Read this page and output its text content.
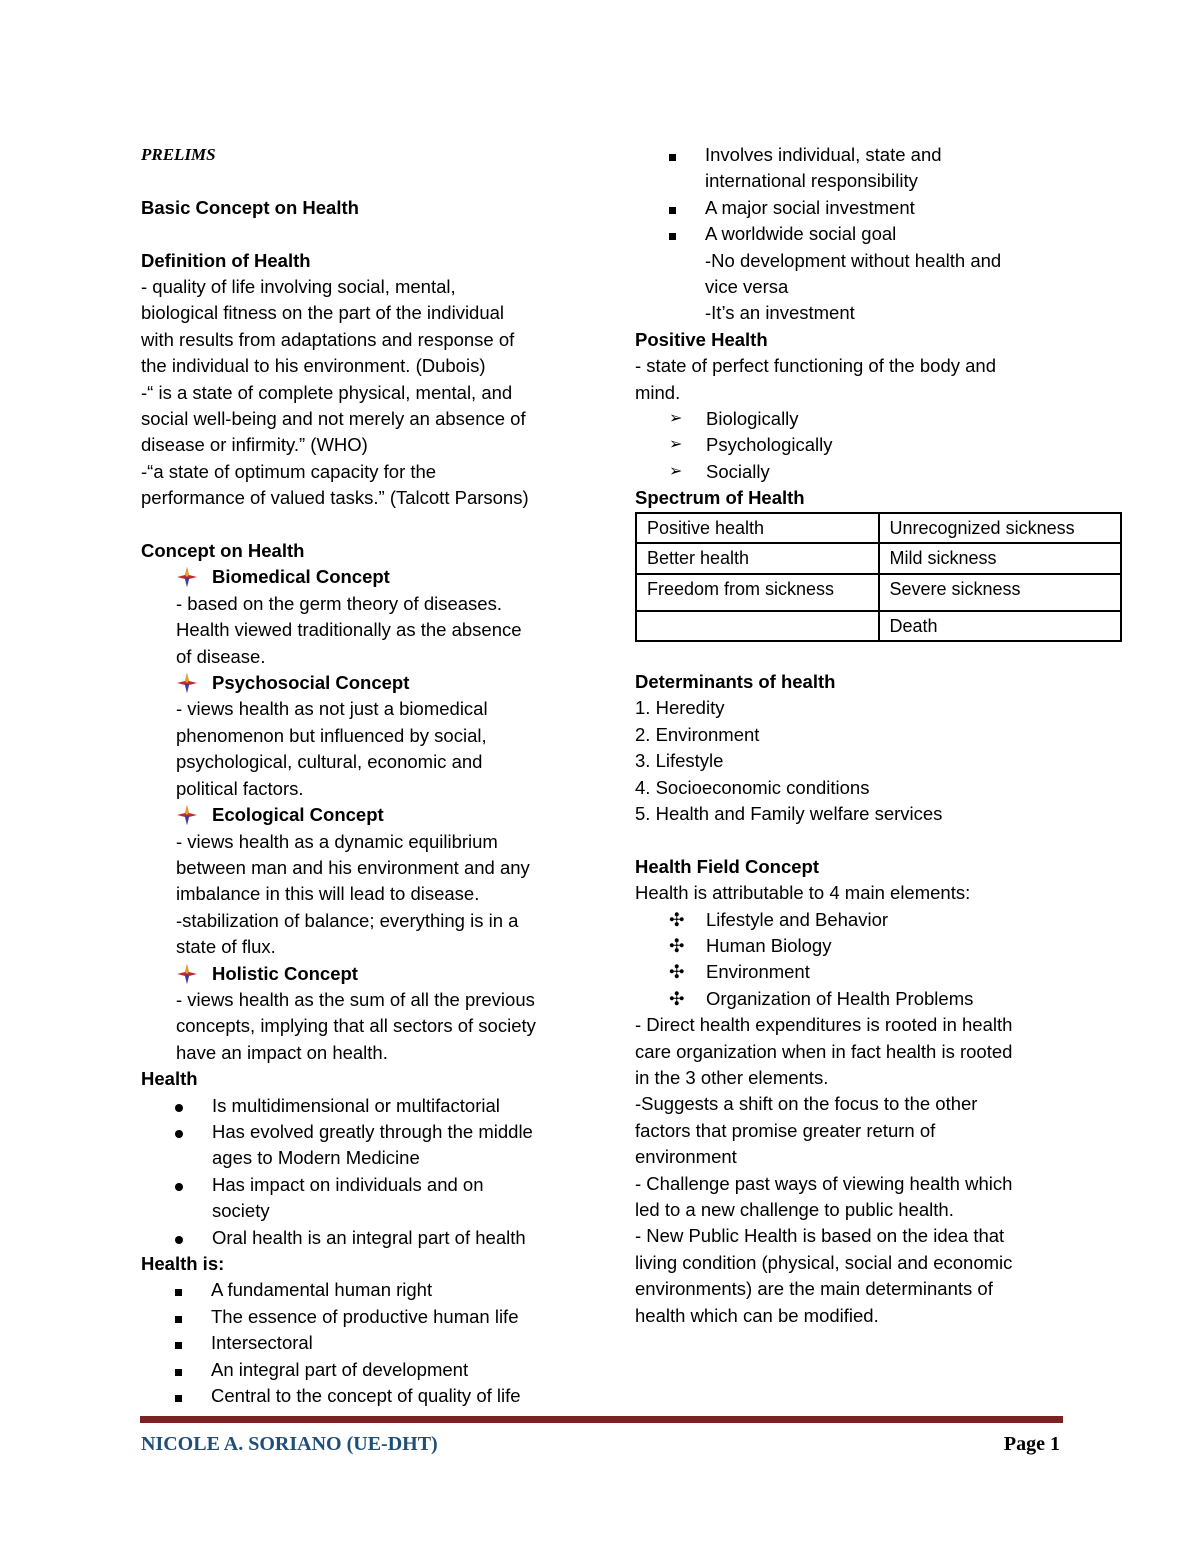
PRELIMS
Basic Concept on Health
Definition of Health
- quality of life involving social, mental,
biological fitness on the part of the individual
with results from adaptations and response of
the individual to his environment. (Dubois)
-“ is a state of complete physical, mental, and
social well-being and not merely an absence of
disease or infirmity.” (WHO)
-“a state of optimum capacity for the
performance of valued tasks.” (Talcott Parsons)
Concept on Health
Biomedical Concept
- based on the germ theory of diseases.
Health viewed traditionally as the absence
of disease.
Psychosocial Concept
- views health as not just a biomedical
phenomenon but influenced by social,
psychological, cultural, economic and
political factors.
Ecological Concept
- views health as a dynamic equilibrium
between man and his environment and any
imbalance in this will lead to disease.
-stabilization of balance; everything is in a
state of flux.
Holistic Concept
- views health as the sum of all the previous
concepts, implying that all sectors of society
have an impact on health.
Health
Is multidimensional or multifactorial
Has evolved greatly through the middle
ages to Modern Medicine
Has impact on individuals and on
society
Oral health is an integral part of health
Health is:
A fundamental human right
The essence of productive human life
Intersectoral
An integral part of development
Central to the concept of quality of life
Involves individual, state and
international responsibility
A major social investment
A worldwide social goal
-No development without health and
vice versa
-It’s an investment
Positive Health
- state of perfect functioning of the body and
mind.
➢	Biologically
➢	Psychologically
➢	Socially
Spectrum of Health
Positive health	Unrecognized sickness
Better health	Mild sickness
Freedom from sickness	Severe sickness
	Death
Determinants of health
1. Heredity
2. Environment
3. Lifestyle
4. Socioeconomic conditions
5. Health and Family welfare services
Health Field Concept
Health is attributable to 4 main elements:
✣	Lifestyle and Behavior
✣	Human Biology
✣	Environment
✣	Organization of Health Problems
- Direct health expenditures is rooted in health
care organization when in fact health is rooted
in the 3 other elements.
-Suggests a shift on the focus to the other
factors that promise greater return of
environment
- Challenge past ways of viewing health which
led to a new challenge to public health.
- New Public Health is based on the idea that
living condition (physical, social and economic
environments) are the main determinants of
health which can be modified.
NICOLE A. SORIANO (UE-DHT)	Page 1
